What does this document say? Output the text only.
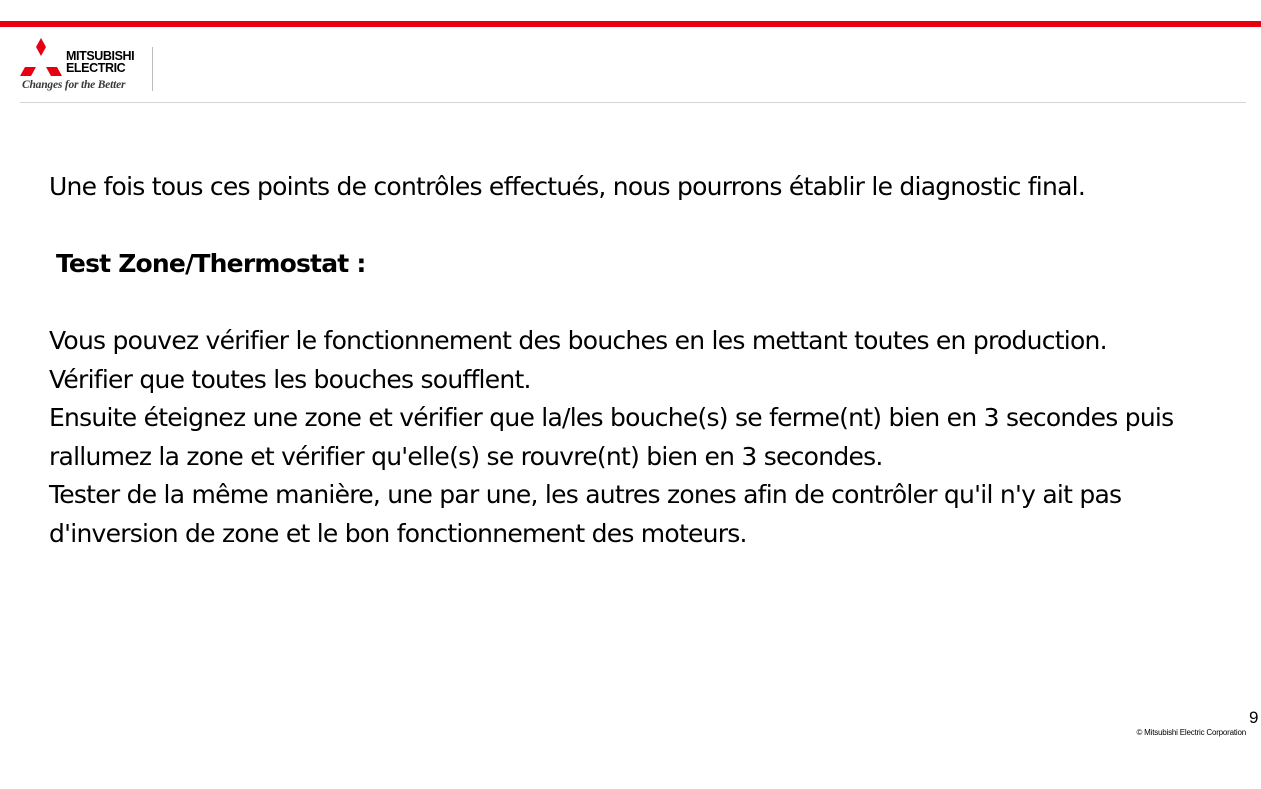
MITSUBISHI
ELECTRIC
Changes for the Better

Une fois tous ces points de contrôles effectués, nous pourrons établir le diagnostic final.

Test Zone/Thermostat :

Vous pouvez vérifier le fonctionnement des bouches en les mettant toutes en production.

Vérifier que toutes les bouches soufflent.

Ensuite éteignez une zone et vérifier que la/les bouche(s) se ferme(nt) bien en 3 secondes puis rallumez la zone et vérifier qu'elle(s) se rouvre(nt) bien en 3 secondes.

Tester de la même manière, une par une, les autres zones afin de contrôler qu'il n'y ait pas d'inversion de zone et le bon fonctionnement des moteurs.

9
© Mitsubishi Electric Corporation
